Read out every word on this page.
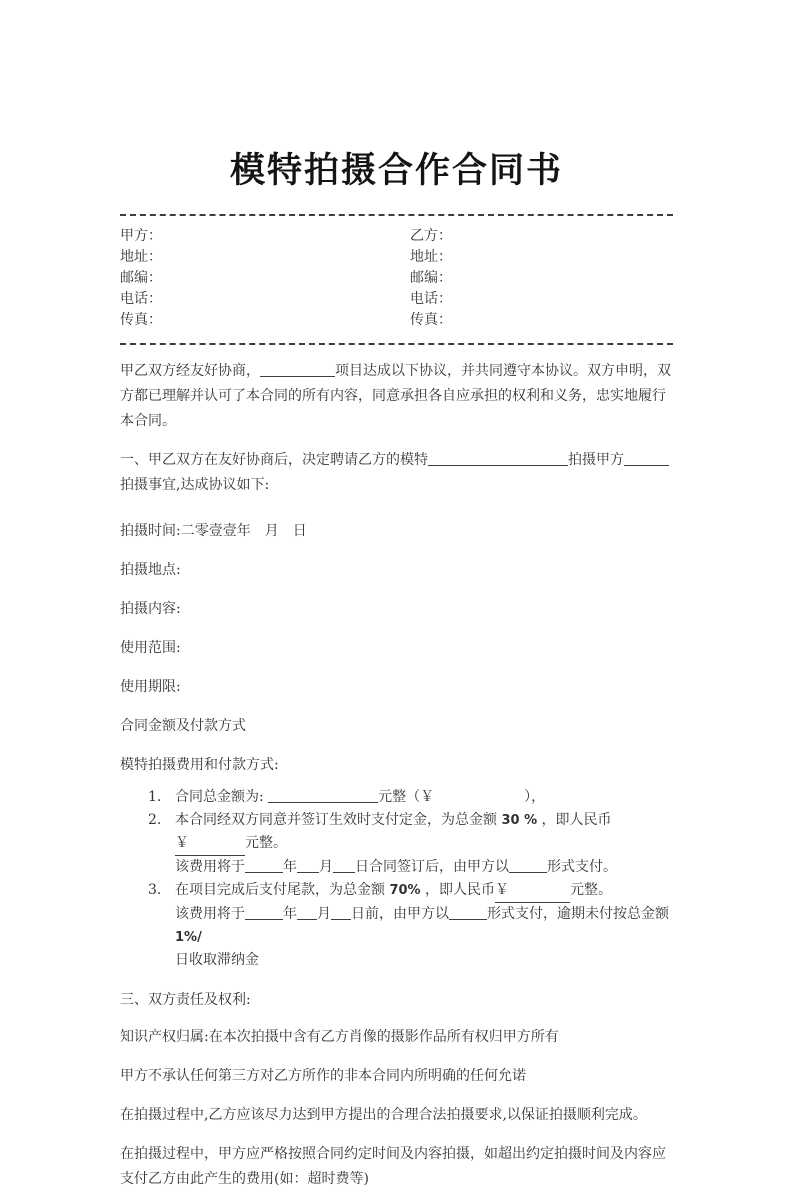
模特拍摄合作合同书
甲方：	乙方：
地址：	地址：
邮编：	邮编：
电话：	电话：
传真：	传真：

甲乙双方经友好协商，	项目达成以下协议，并共同遵守本协议。双方申明，双方都已理解并认可了本合同的所有内容，同意承担各自应承担的权利和义务，忠实地履行本合同。

一、甲乙双方在友好协商后，决定聘请乙方的模特	拍摄甲方拍摄事宜,达成协议如下:

拍摄时间:二零壹壹年　月　日

拍摄地点:

拍摄内容:

使用范围:

使用期限:

合同金额及付款方式

模特拍摄费用和付款方式:

1. 合同总金额为:	元整（￥	），
2. 本合同经双方同意并签订生效时支付定金，为总金额 30 % ，即人民币￥	元整。
该费用将于	年 月 日合同签订后，由甲方以	形式支付。
3. 在项目完成后支付尾款，为总金额 70% ，即人民币￥	元整。
该费用将于	年 月 日前，由甲方以	形式支付，逾期未付按总金额 1%/
日收取滞纳金

三、双方责任及权利:

知识产权归属:在本次拍摄中含有乙方肖像的摄影作品所有权归甲方所有

甲方不承认任何第三方对乙方所作的非本合同内所明确的任何允诺

在拍摄过程中,乙方应该尽力达到甲方提出的合理合法拍摄要求,以保证拍摄顺利完成。

在拍摄过程中，甲方应严格按照合同约定时间及内容拍摄，如超出约定拍摄时间及内容应支付乙方由此产生的费用(如：超时费等)
